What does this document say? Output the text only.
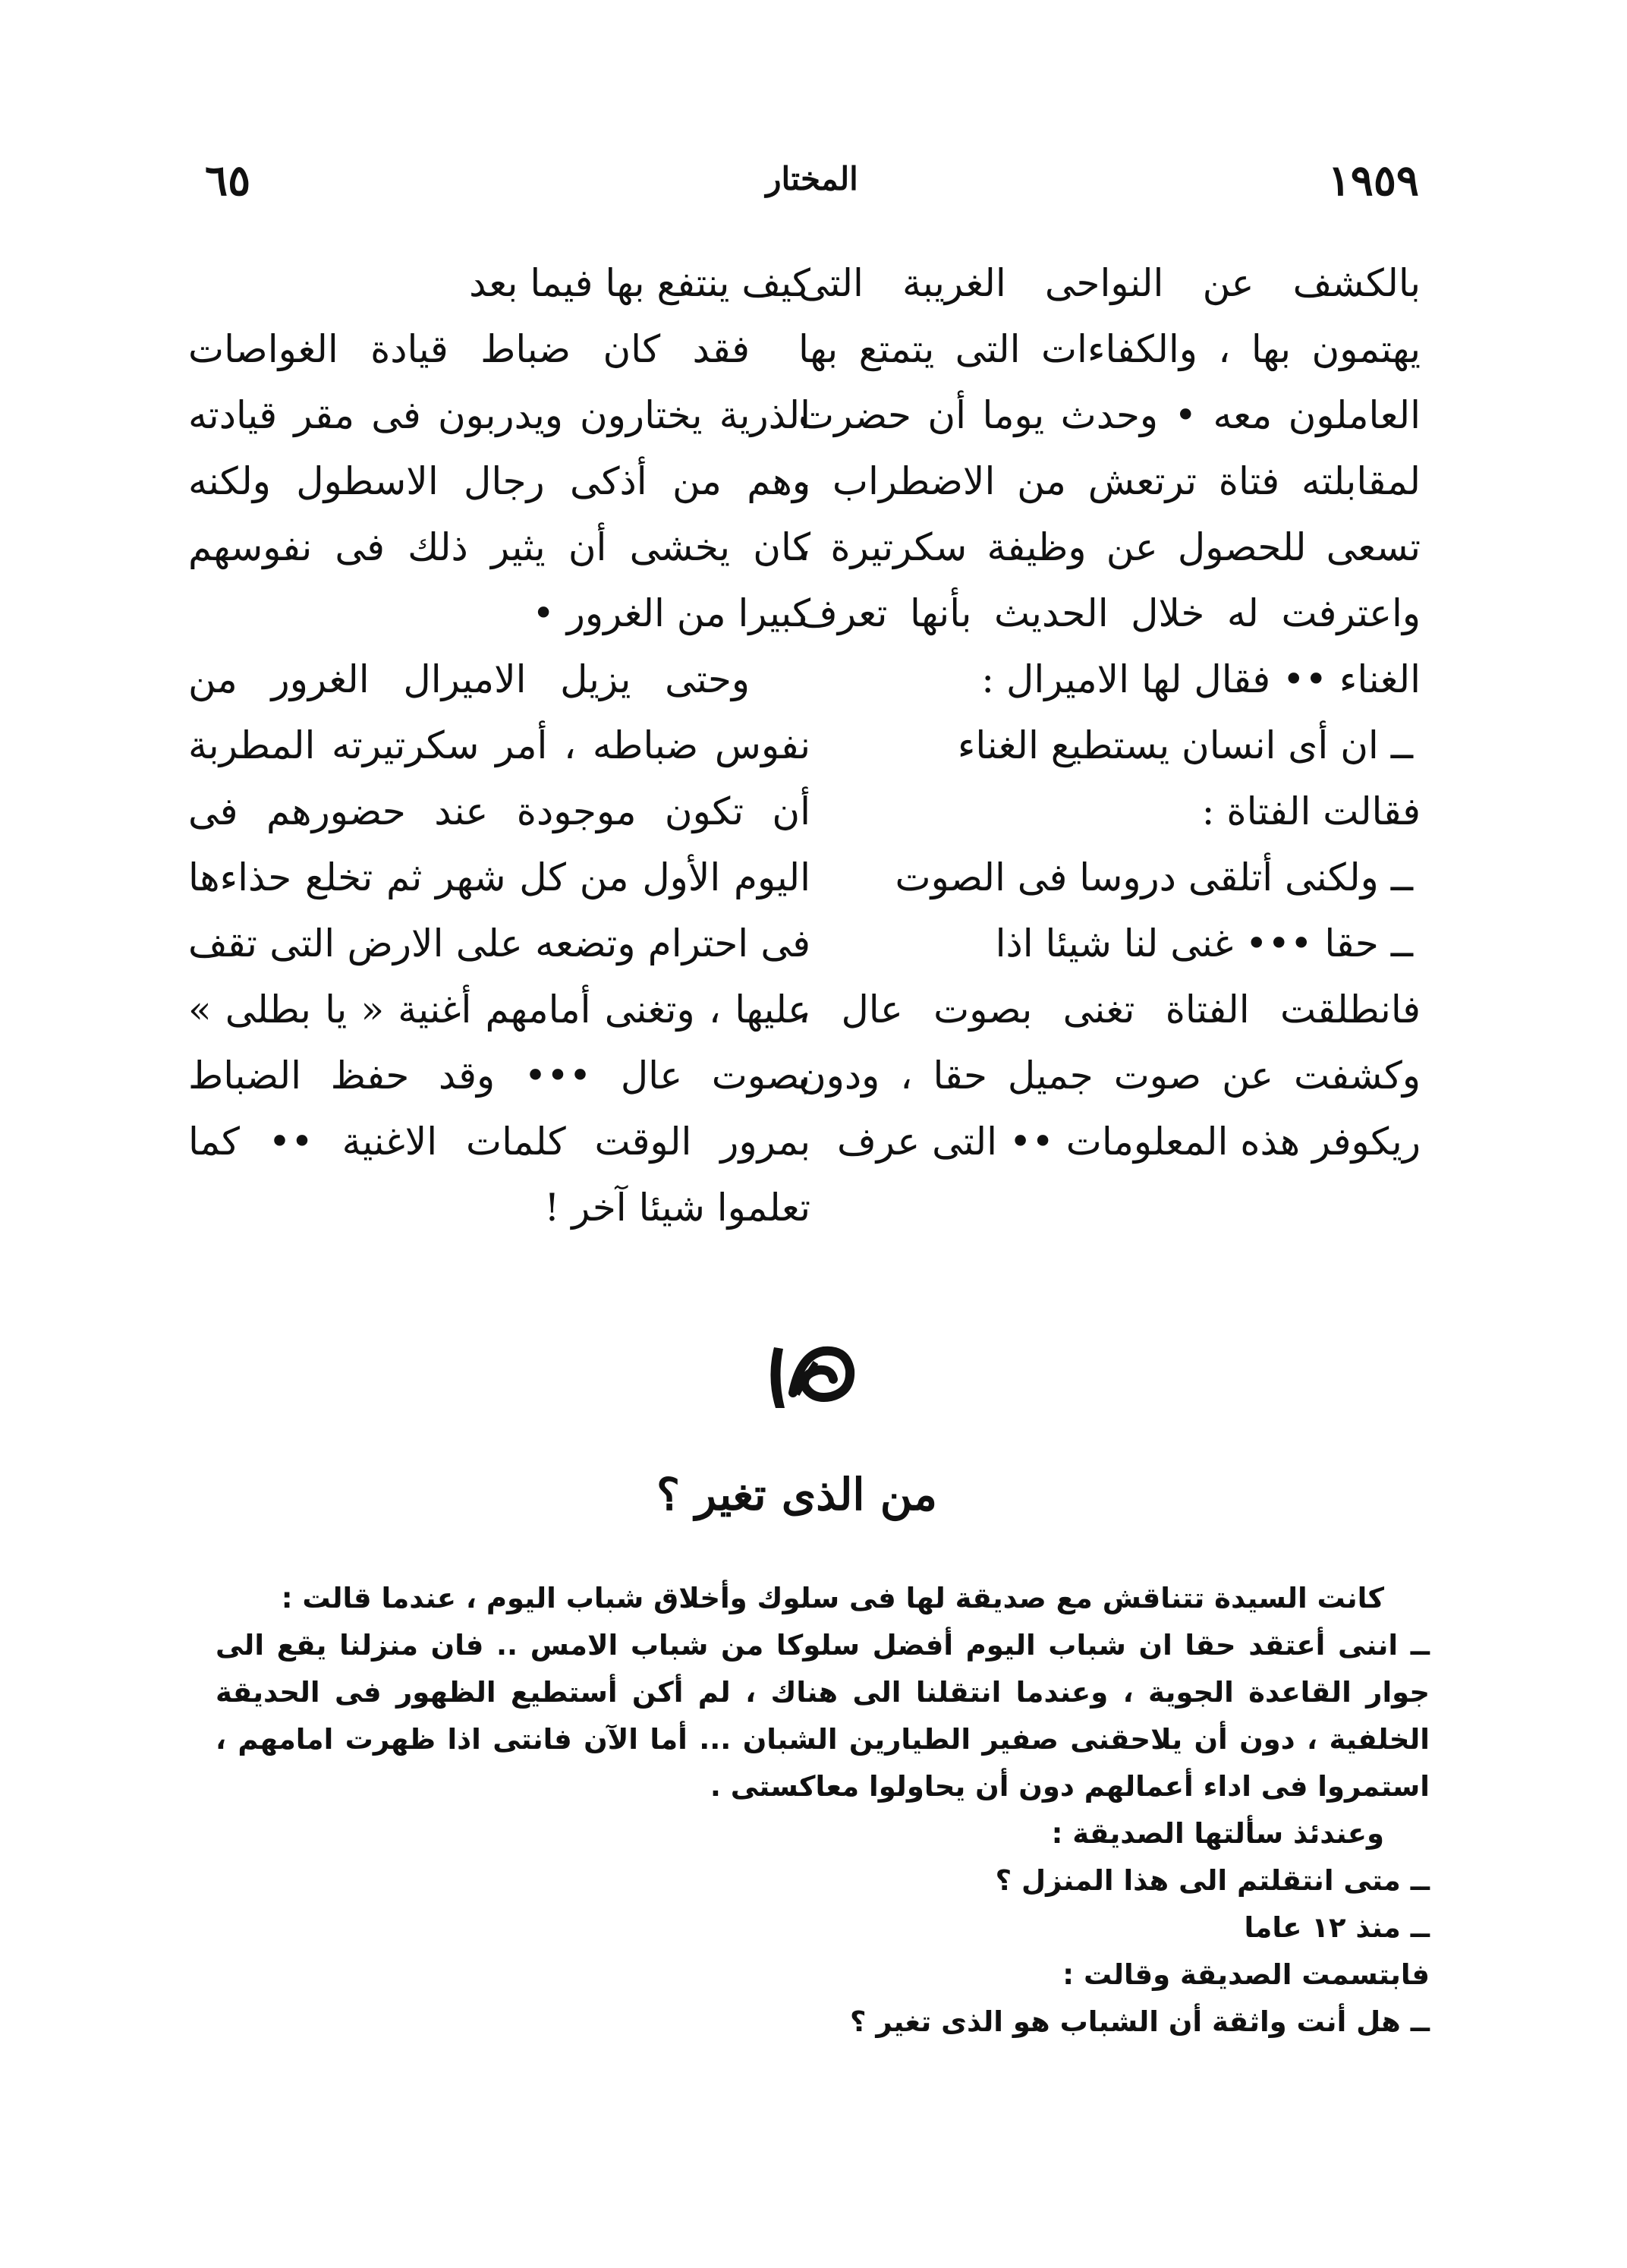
٦٥	المختار	١٩٥٩

بالكشف عن النواحى الغريبة التى يهتمون بها ، والكفاءات التى يتمتع بها العاملون معه • وحدث يوما أن حضرت لمقابلته فتاة ترتعش من الاضطراب ، تسعى للحصول عن وظيفة سكرتيرة ، واعترفت له خلال الحديث بأنها تعرف الغناء •• فقال لها الاميرال :

ــ ان أى انسان يستطيع الغناء

فقالت الفتاة :

ــ ولكنى أتلقى دروسا فى الصوت

ــ حقا ••• غنى لنا شيئا اذا

فانطلقت الفتاة تغنى بصوت عال ، وكشفت عن صوت جميل حقا ، ودون ريكوفر هذه المعلومات •• التى عرف

كيف ينتفع بها فيما بعد

فقد كان ضباط قيادة الغواصات الذرية يختارون ويدربون فى مقر قيادته وهم من أذكى رجال الاسطول ولكنه كان يخشى أن يثير ذلك فى نفوسهم كبيرا من الغرور •

وحتى يزيل الاميرال الغرور من نفوس ضباطه ، أمر سكرتيرته المطربة أن تكون موجودة عند حضورهم فى اليوم الأول من كل شهر ثم تخلع حذاءها فى احترام وتضعه على الارض التى تقف عليها ، وتغنى أمامهم أغنية « يا بطلى » بصوت عال ••• وقد حفظ الضباط بمرور الوقت كلمات الاغنية •• كما تعلموا شيئا آخر !

من الذى تغير ؟

كانت السيدة تتناقش مع صديقة لها فى سلوك وأخلاق شباب اليوم ، عندما قالت :

ــ اننى أعتقد حقا ان شباب اليوم أفضل سلوكا من شباب الامس .. فان منزلنا يقع الى جوار القاعدة الجوية ، وعندما انتقلنا الى هناك ، لم أكن أستطيع الظهور فى الحديقة الخلفية ، دون أن يلاحقنى صفير الطيارين الشبان ... أما الآن فانتى اذا ظهرت امامهم ، استمروا فى اداء أعمالهم دون أن يحاولوا معاكستى .

وعندئذ سألتها الصديقة :

ــ متى انتقلتم الى هذا المنزل ؟

ــ منذ ١٢ عاما

فابتسمت الصديقة وقالت :

ــ هل أنت واثقة أن الشباب هو الذى تغير ؟
